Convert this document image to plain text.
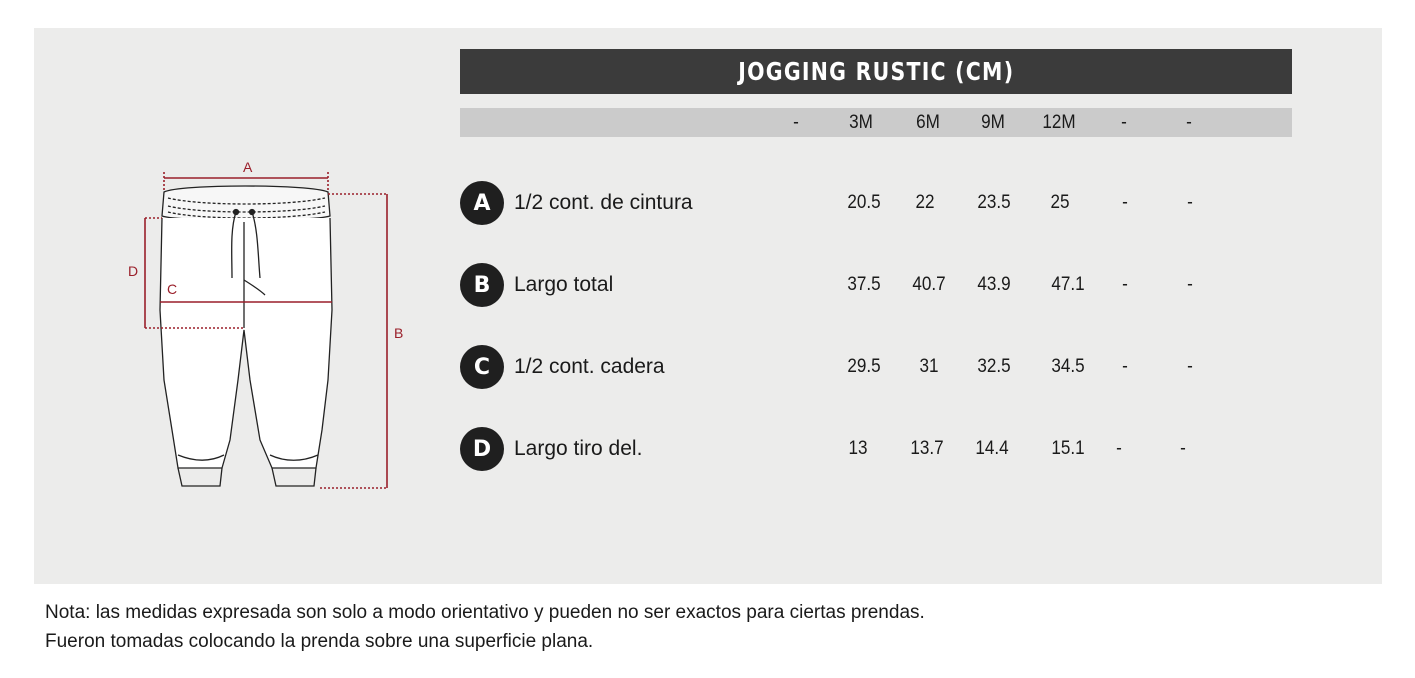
A
B
C
D
JOGGING RUSTIC (CM)
-	3M	6M	9M	12M	-	-
A	1/2 cont. de cintura	20.5	22	23.5	25	-	-
B	Largo total	37.5	40.7	43.9	47.1	-	-
C	1/2 cont. cadera	29.5	31	32.5	34.5	-	-
D	Largo tiro del.	13	13.7	14.4	15.1	-	-
Nota: las medidas expresada son solo a modo orientativo y pueden no ser exactos para ciertas prendas.
Fueron tomadas colocando la prenda sobre una superficie plana.
